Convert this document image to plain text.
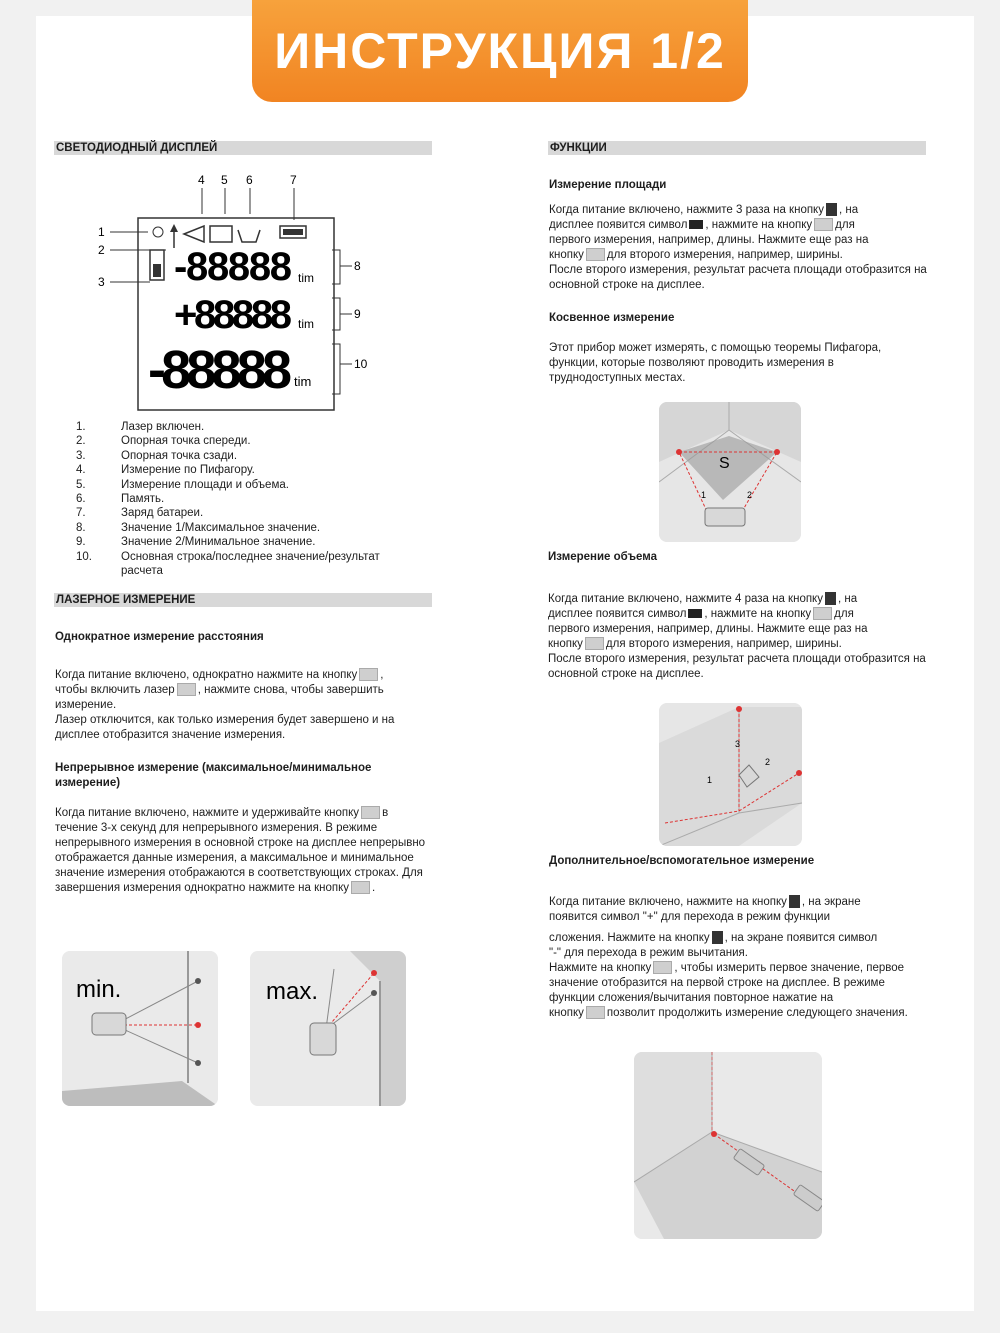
ИНСТРУКЦИЯ 1/2
СВЕТОДИОДНЫЙ ДИСПЛЕЙ
4 5 6	7
1
2
3 -88888 tim
+88888 tim
-88888 tim
8
9
10
1.	Лазер включен.
2.	Опорная точка спереди.
3.	Опорная точка сзади.
4.	Измерение по Пифагору.
5.	Измерение площади и объема.
6.	Память.
7.	Заряд батареи.
8.	Значение 1/Максимальное значение.
9.	Значение 2/Минимальное значение.
10.	Основная строка/последнее значение/результат расчета
ЛАЗЕРНОЕ ИЗМЕРЕНИЕ
Однократное измерение расстояния
Когда питание включено, однократно нажмите на кнопку ,
чтобы включить лазер , нажмите снова, чтобы завершить измерение.
Лазер отключится, как только измерения будет завершено и на дисплее отобразится значение измерения.
Непрерывное измерение (максимальное/минимальное измерение)
Когда питание включено, нажмите и удерживайте кнопку в
течение 3-х секунд для непрерывного измерения. В режиме непрерывного измерения в основной строке на дисплее непрерывно отображается данные измерения, а максимальное и минимальное значение измерения отображаются в соответствующих строках. Для завершения измерения однократно нажмите на кнопку .
min.	max.
ФУНКЦИИ
Измерение площади
Когда питание включено, нажмите 3 раза на кнопку , на
дисплее появится символ , нажмите на кнопку для
первого измерения, например, длины. Нажмите еще раз на
кнопку для второго измерения, например, ширины.
После второго измерения, результат расчета площади отобразится на основной строке на дисплее.
Косвенное измерение
Этот прибор может измерять, с помощью теоремы Пифагора, функции, которые позволяют проводить измерения в труднодоступных местах.
S
1	2
Измерение объема
Когда питание включено, нажмите 4 раза на кнопку , на
дисплее появится символ , нажмите на кнопку для
первого измерения, например, длины. Нажмите еще раз на
кнопку для второго измерения, например, ширины.
После второго измерения, результат расчета площади отобразится на основной строке на дисплее.
1
2
3
Дополнительное/вспомогательное измерение
Когда питание включено, нажмите на кнопку , на экране
появится символ "+" для перехода в режим функции
сложения. Нажмите на кнопку , на экране появится символ
"-" для перехода в режим вычитания.
Нажмите на кнопку , чтобы измерить первое значение, первое значение отобразится на первой строке на дисплее. В режиме функции сложения/вычитания повторное нажатие на
кнопку позволит продолжить измерение следующего значения.
